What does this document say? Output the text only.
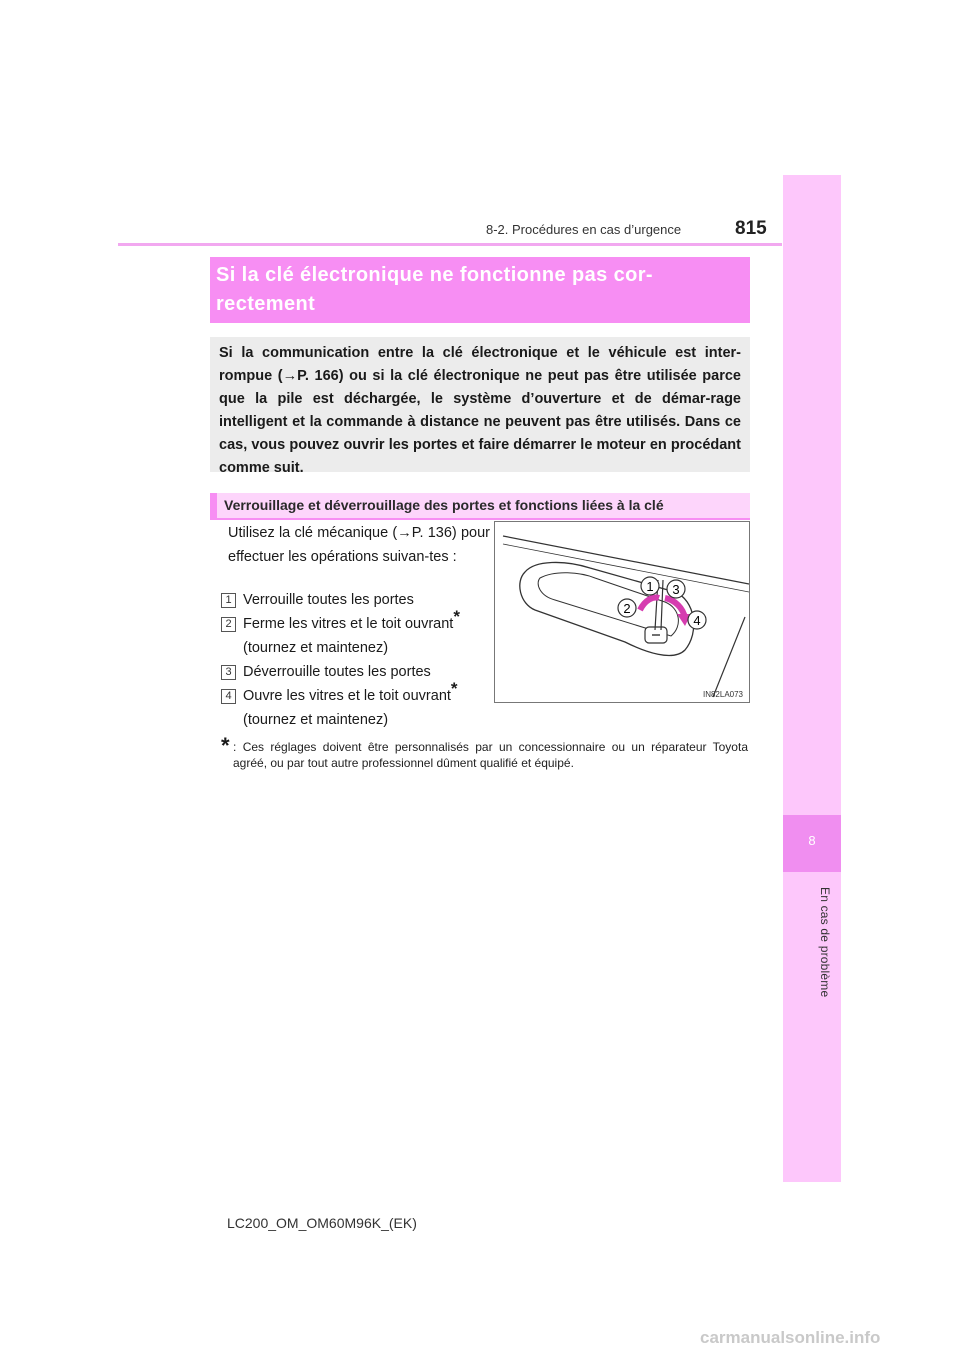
8-2. Procédures en cas d’urgence	815
8
En cas de problème
Si la clé électronique ne fonctionne pas cor-
rectement
Si la communication entre la clé électronique et le véhicule est inter-rompue (→P. 166) ou si la clé électronique ne peut pas être utilisée parce que la pile est déchargée, le système d’ouverture et de démar-rage intelligent et la commande à distance ne peuvent pas être utilisés. Dans ce cas, vous pouvez ouvrir les portes et faire démarrer le moteur en procédant comme suit.
Verrouillage et déverrouillage des portes et fonctions liées à la clé
Utilisez la clé mécanique (→P. 136) pour effectuer les opérations suivan-tes :
1 Verrouille toutes les portes
2 Ferme les vitres et le toit ouvrant*
(tournez et maintenez)
3 Déverrouille toutes les portes
4 Ouvre les vitres et le toit ouvrant*
(tournez et maintenez)
1
2
3
4
IN82LA073
* : Ces réglages doivent être personnalisés par un concessionnaire ou un réparateur Toyota agréé, ou par tout autre professionnel dûment qualifié et équipé.
LC200_OM_OM60M96K_(EK)
carmanualsonline.info
